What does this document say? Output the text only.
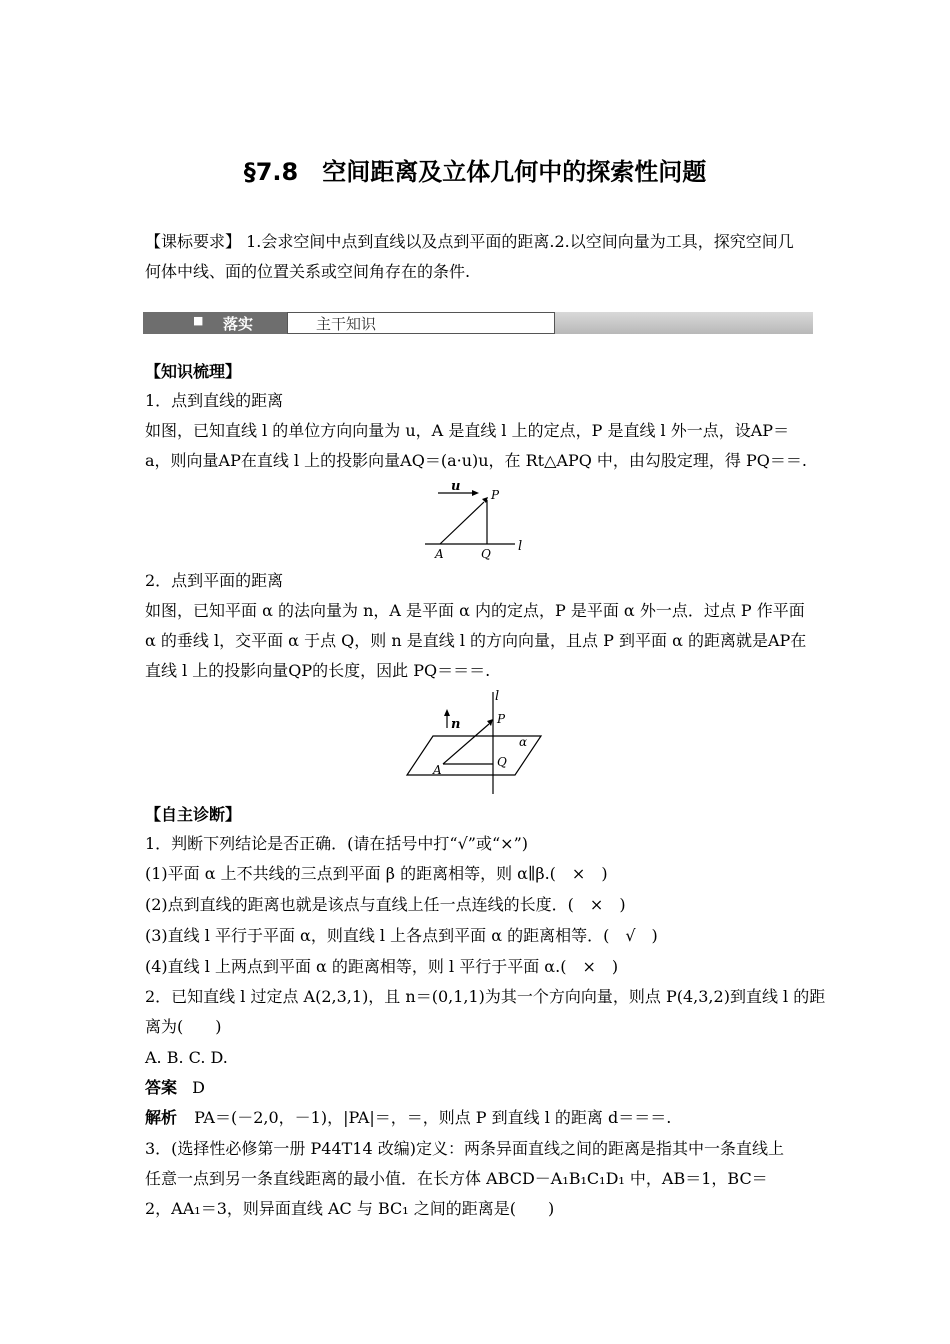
§7.8　空间距离及立体几何中的探索性问题
【课标要求】 1.会求空间中点到直线以及点到平面的距离.2.以空间向量为工具，探究空间几
何体中线、面的位置关系或空间角存在的条件.
■ 落实	主干知识
【知识梳理】
1．点到直线的距离
如图，已知直线 l 的单位方向向量为 u，A 是直线 l 上的定点，P 是直线 l 外一点，设AP＝
a，则向量AP在直线 l 上的投影向量AQ＝(a·u)u，在 Rt△APQ 中，由勾股定理，得 PQ＝＝.
u
P
A	Q l
2．点到平面的距离
如图，已知平面 α 的法向量为 n，A 是平面 α 内的定点，P 是平面 α 外一点．过点 P 作平面
α 的垂线 l，交平面 α 于点 Q，则 n 是直线 l 的方向向量，且点 P 到平面 α 的距离就是AP在
直线 l 上的投影向量QP的长度，因此 PQ＝＝＝.
l
n	P
α
A
Q
【自主诊断】
1．判断下列结论是否正确．(请在括号中打“√”或“×”)
(1)平面 α 上不共线的三点到平面 β 的距离相等，则 α∥β.(　×　)
(2)点到直线的距离也就是该点与直线上任一点连线的长度．(　×　)
(3)直线 l 平行于平面 α，则直线 l 上各点到平面 α 的距离相等．(　√　)
(4)直线 l 上两点到平面 α 的距离相等，则 l 平行于平面 α.(　×　)
2．已知直线 l 过定点 A(2,3,1)，且 n＝(0,1,1)为其一个方向向量，则点 P(4,3,2)到直线 l 的距
离为(　　)
A. B. C. D.
答案 D
解析 PA＝(－2,0，－1)，|PA|＝，＝，则点 P 到直线 l 的距离 d＝＝＝.
3．(选择性必修第一册 P44T14 改编)定义：两条异面直线之间的距离是指其中一条直线上
任意一点到另一条直线距离的最小值．在长方体 ABCD－A₁B₁C₁D₁ 中，AB＝1，BC＝
2，AA₁＝3，则异面直线 AC 与 BC₁ 之间的距离是(　　)
